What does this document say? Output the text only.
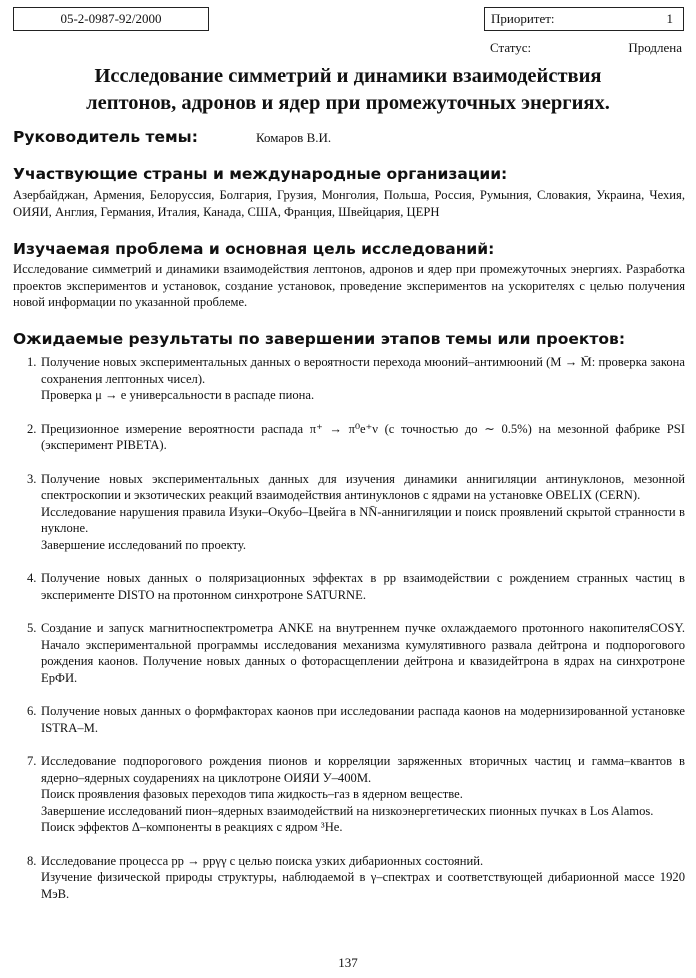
05-2-0987-92/2000	Приоритет:	1
Статус:	Продлена
Исследование симметрий и динамики взаимодействия
лептонов, адронов и ядер при промежуточных энергиях.

Руководитель темы:	Комаров В.И.

Участвующие страны и международные организации:

Азербайджан, Армения, Белоруссия, Болгария, Грузия, Монголия, Польша, Россия, Румыния, Словакия, Украина, Чехия, ОИЯИ, Англия, Германия, Италия, Канада, США, Франция, Швейцария, ЦЕРН

Изучаемая проблема и основная цель исследований:

Исследование симметрий и динамики взаимодействия лептонов, адронов и ядер при промежуточных энергиях. Разработка проектов экспериментов и установок, создание установок, проведение экспериментов на ускорителях с целью получения новой информации по указанной проблеме.

Ожидаемые результаты по завершении этапов темы или проектов:

1. Получение новых экспериментальных данных о вероятности перехода мюоний–антимюоний (M → M̄: проверка закона сохранения лептонных чисел).

Проверка μ → e универсальности в распаде пиона.

2. Прецизионное измерение вероятности распада π⁺ → π⁰e⁺ν (с точностью до ∼ 0.5%) на мезонной фабрике PSI (эксперимент PIBETA).

3. Получение новых экспериментальных данных для изучения динамики аннигиляции антинуклонов, мезонной спектроскопии и экзотических реакций взаимодействия антинуклонов с ядрами на установке OBELIX (CERN).

Исследование нарушения правила Изуки–Окубо–Цвейга в NN̄-аннигиляции и поиск проявлений скрытой странности в нуклоне.

Завершение исследований по проекту.

4. Получение новых данных о поляризационных эффектах в pp взаимодействии с рождением странных частиц в эксперименте DISTO на протонном синхротроне SATURNE.

5. Создание и запуск магнитноспектрометра ANKE на внутреннем пучке охлаждаемого протонного накопителяCOSY. Начало экспериментальной программы исследования механизма кумулятивного развала дейтрона и подпорогового рождения каонов. Получение новых данных о фоторасщеплении дейтрона и квазидейтрона в ядрах на синхротроне ЕрФИ.

6. Получение новых данных о формфакторах каонов при исследовании распада каонов на модернизированной установке ISTRA–M.

7. Исследование подпорогового рождения пионов и корреляции заряженных вторичных частиц и гамма–квантов в ядерно–ядерных соударениях на циклотроне ОИЯИ У–400М.

Поиск проявления фазовых переходов типа жидкость–газ в ядерном веществе.

Завершение исследований пион–ядерных взаимодействий на низкоэнергетических пионных пучках в Los Alamos.

Поиск эффектов Δ–компоненты в реакциях с ядром ³He.

8. Исследование процесса pp → ppγγ с целью поиска узких дибарионных состояний.

Изучение физической природы структуры, наблюдаемой в γ–спектрах и соответствующей дибарионной массе 1920 МэВ.

137
